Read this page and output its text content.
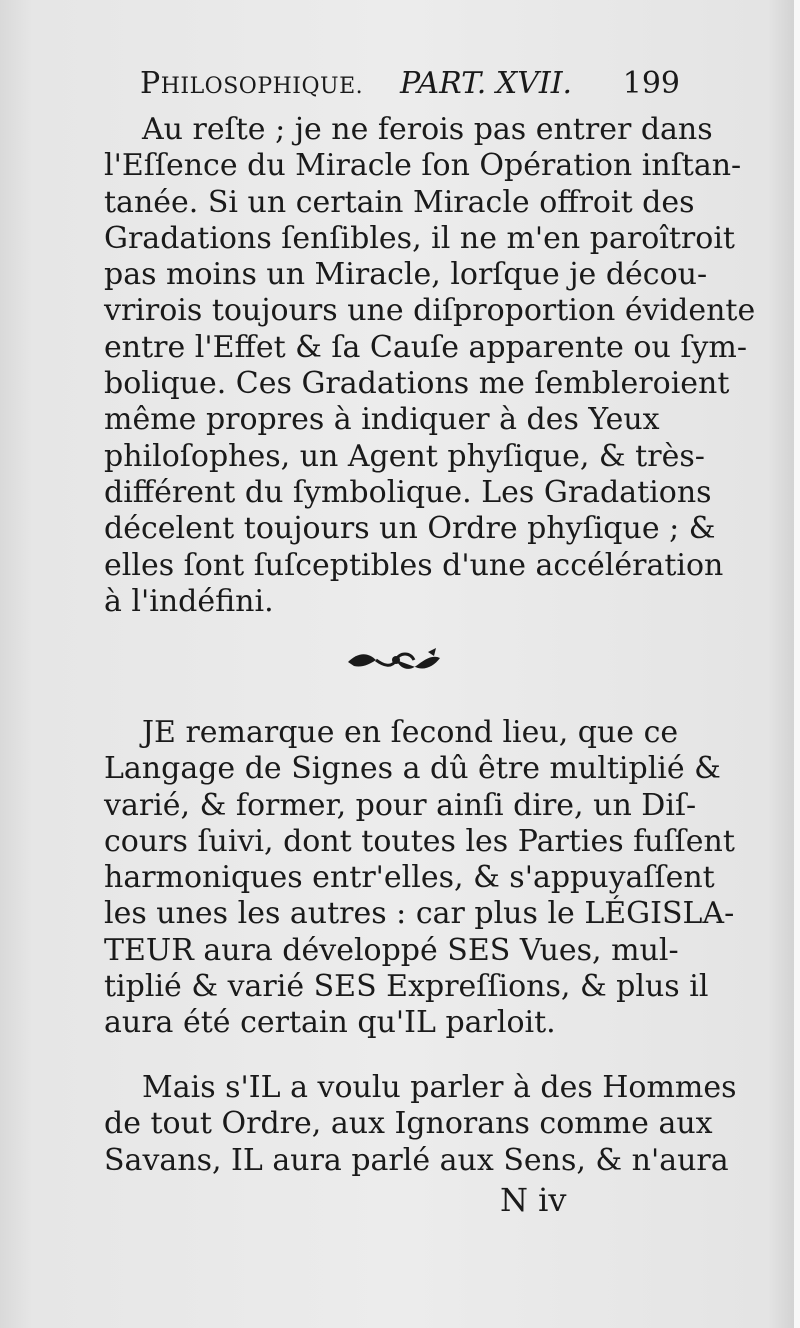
PHILOSOPHIQUE. PART. XVII. 199
Au reſte ; je ne ferois pas entrer dans
l'Eſſence du Miracle ſon Opération inſtan-
tanée. Si un certain Miracle offroit des
Gradations ſenſibles, il ne m'en paroîtroit
pas moins un Miracle, lorſque je décou-
vrirois toujours une diſproportion évidente
entre l'Effet & ſa Cauſe apparente ou ſym-
bolique. Ces Gradations me ſembleroient
même propres à indiquer à des Yeux
philoſophes, un Agent phyſique, & très-
différent du ſymbolique. Les Gradations
décelent toujours un Ordre phyſique ; &
elles ſont ſuſceptibles d'une accélération
à l'indéfini.
JE remarque en ſecond lieu, que ce
Langage de Signes a dû être multiplié &
varié, & former, pour ainſi dire, un Diſ-
cours ſuivi, dont toutes les Parties fuſſent
harmoniques entr'elles, & s'appuyaſſent
les unes les autres : car plus le LÉGISLA-
TEUR aura développé SES Vues, mul-
tiplié & varié SES Expreſſions, & plus il
aura été certain qu'IL parloit.
Mais s'IL a voulu parler à des Hommes
de tout Ordre, aux Ignorans comme aux
Savans, IL aura parlé aux Sens, & n'aura
N iv
